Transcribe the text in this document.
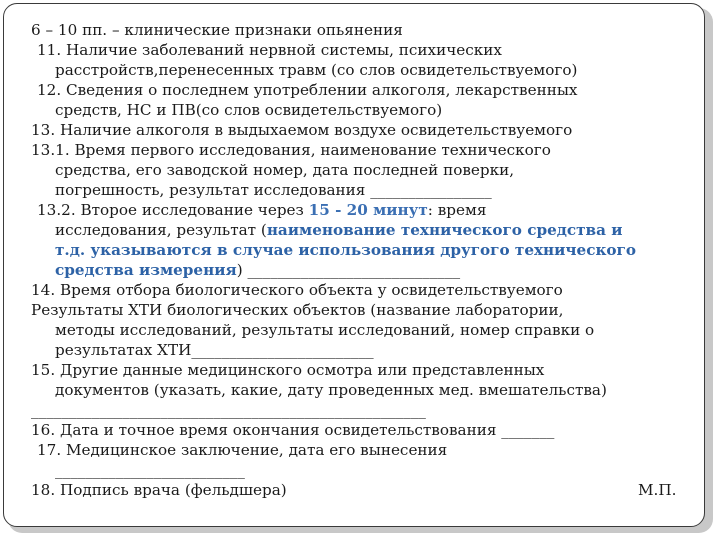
6 – 10 пп. – клинические признаки опьянения
11. Наличие заболеваний нервной системы, психических
расстройств,перенесенных травм (со слов освидетельствуемого)
12. Сведения о последнем употреблении алкоголя, лекарственных
средств, НС и ПВ(со слов освидетельствуемого)
13. Наличие алкоголя в выдыхаемом воздухе освидетельствуемого
13.1. Время первого исследования, наименование технического
средства, его заводской номер, дата последней поверки,
погрешность, результат исследования ________________
13.2. Второе исследование через 15 - 20 минут: время
исследования, результат (наименование технического средства и
т.д. указываются в случае использования другого технического
средства измерения) ____________________________
14. Время отбора биологического объекта у освидетельствуемого
Результаты ХТИ биологических объектов (название лаборатории,
методы исследований, результаты исследований, номер справки о
результатах ХТИ________________________
15. Другие данные медицинского осмотра или представленных
документов (указать, какие, дату проведенных мед. вмешательства)
____________________________________________________
16. Дата и точное время окончания освидетельствования _______
17. Медицинское заключение, дата его вынесения
_________________________
18. Подпись врача (фельдшера)	М.П.
